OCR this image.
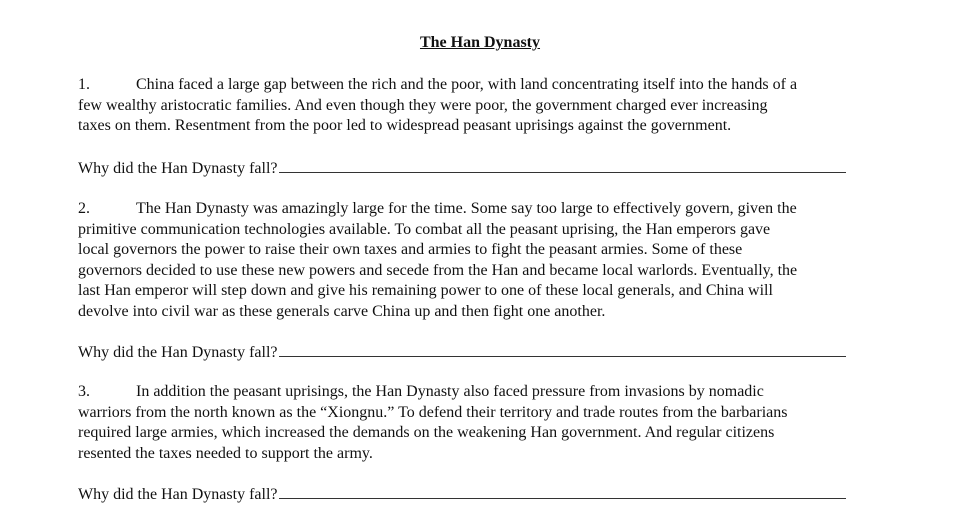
The Han Dynasty
1.	China faced a large gap between the rich and the poor, with land concentrating itself into the hands of a
few wealthy aristocratic families. And even though they were poor, the government charged ever increasing
taxes on them. Resentment from the poor led to widespread peasant uprisings against the government.
Why did the Han Dynasty fall?
2.	The Han Dynasty was amazingly large for the time. Some say too large to effectively govern, given the
primitive communication technologies available. To combat all the peasant uprising, the Han emperors gave
local governors the power to raise their own taxes and armies to fight the peasant armies. Some of these
governors decided to use these new powers and secede from the Han and became local warlords. Eventually, the
last Han emperor will step down and give his remaining power to one of these local generals, and China will
devolve into civil war as these generals carve China up and then fight one another.
Why did the Han Dynasty fall?
3.	In addition the peasant uprisings, the Han Dynasty also faced pressure from invasions by nomadic
warriors from the north known as the “Xiongnu.” To defend their territory and trade routes from the barbarians
required large armies, which increased the demands on the weakening Han government. And regular citizens
resented the taxes needed to support the army.
Why did the Han Dynasty fall?
